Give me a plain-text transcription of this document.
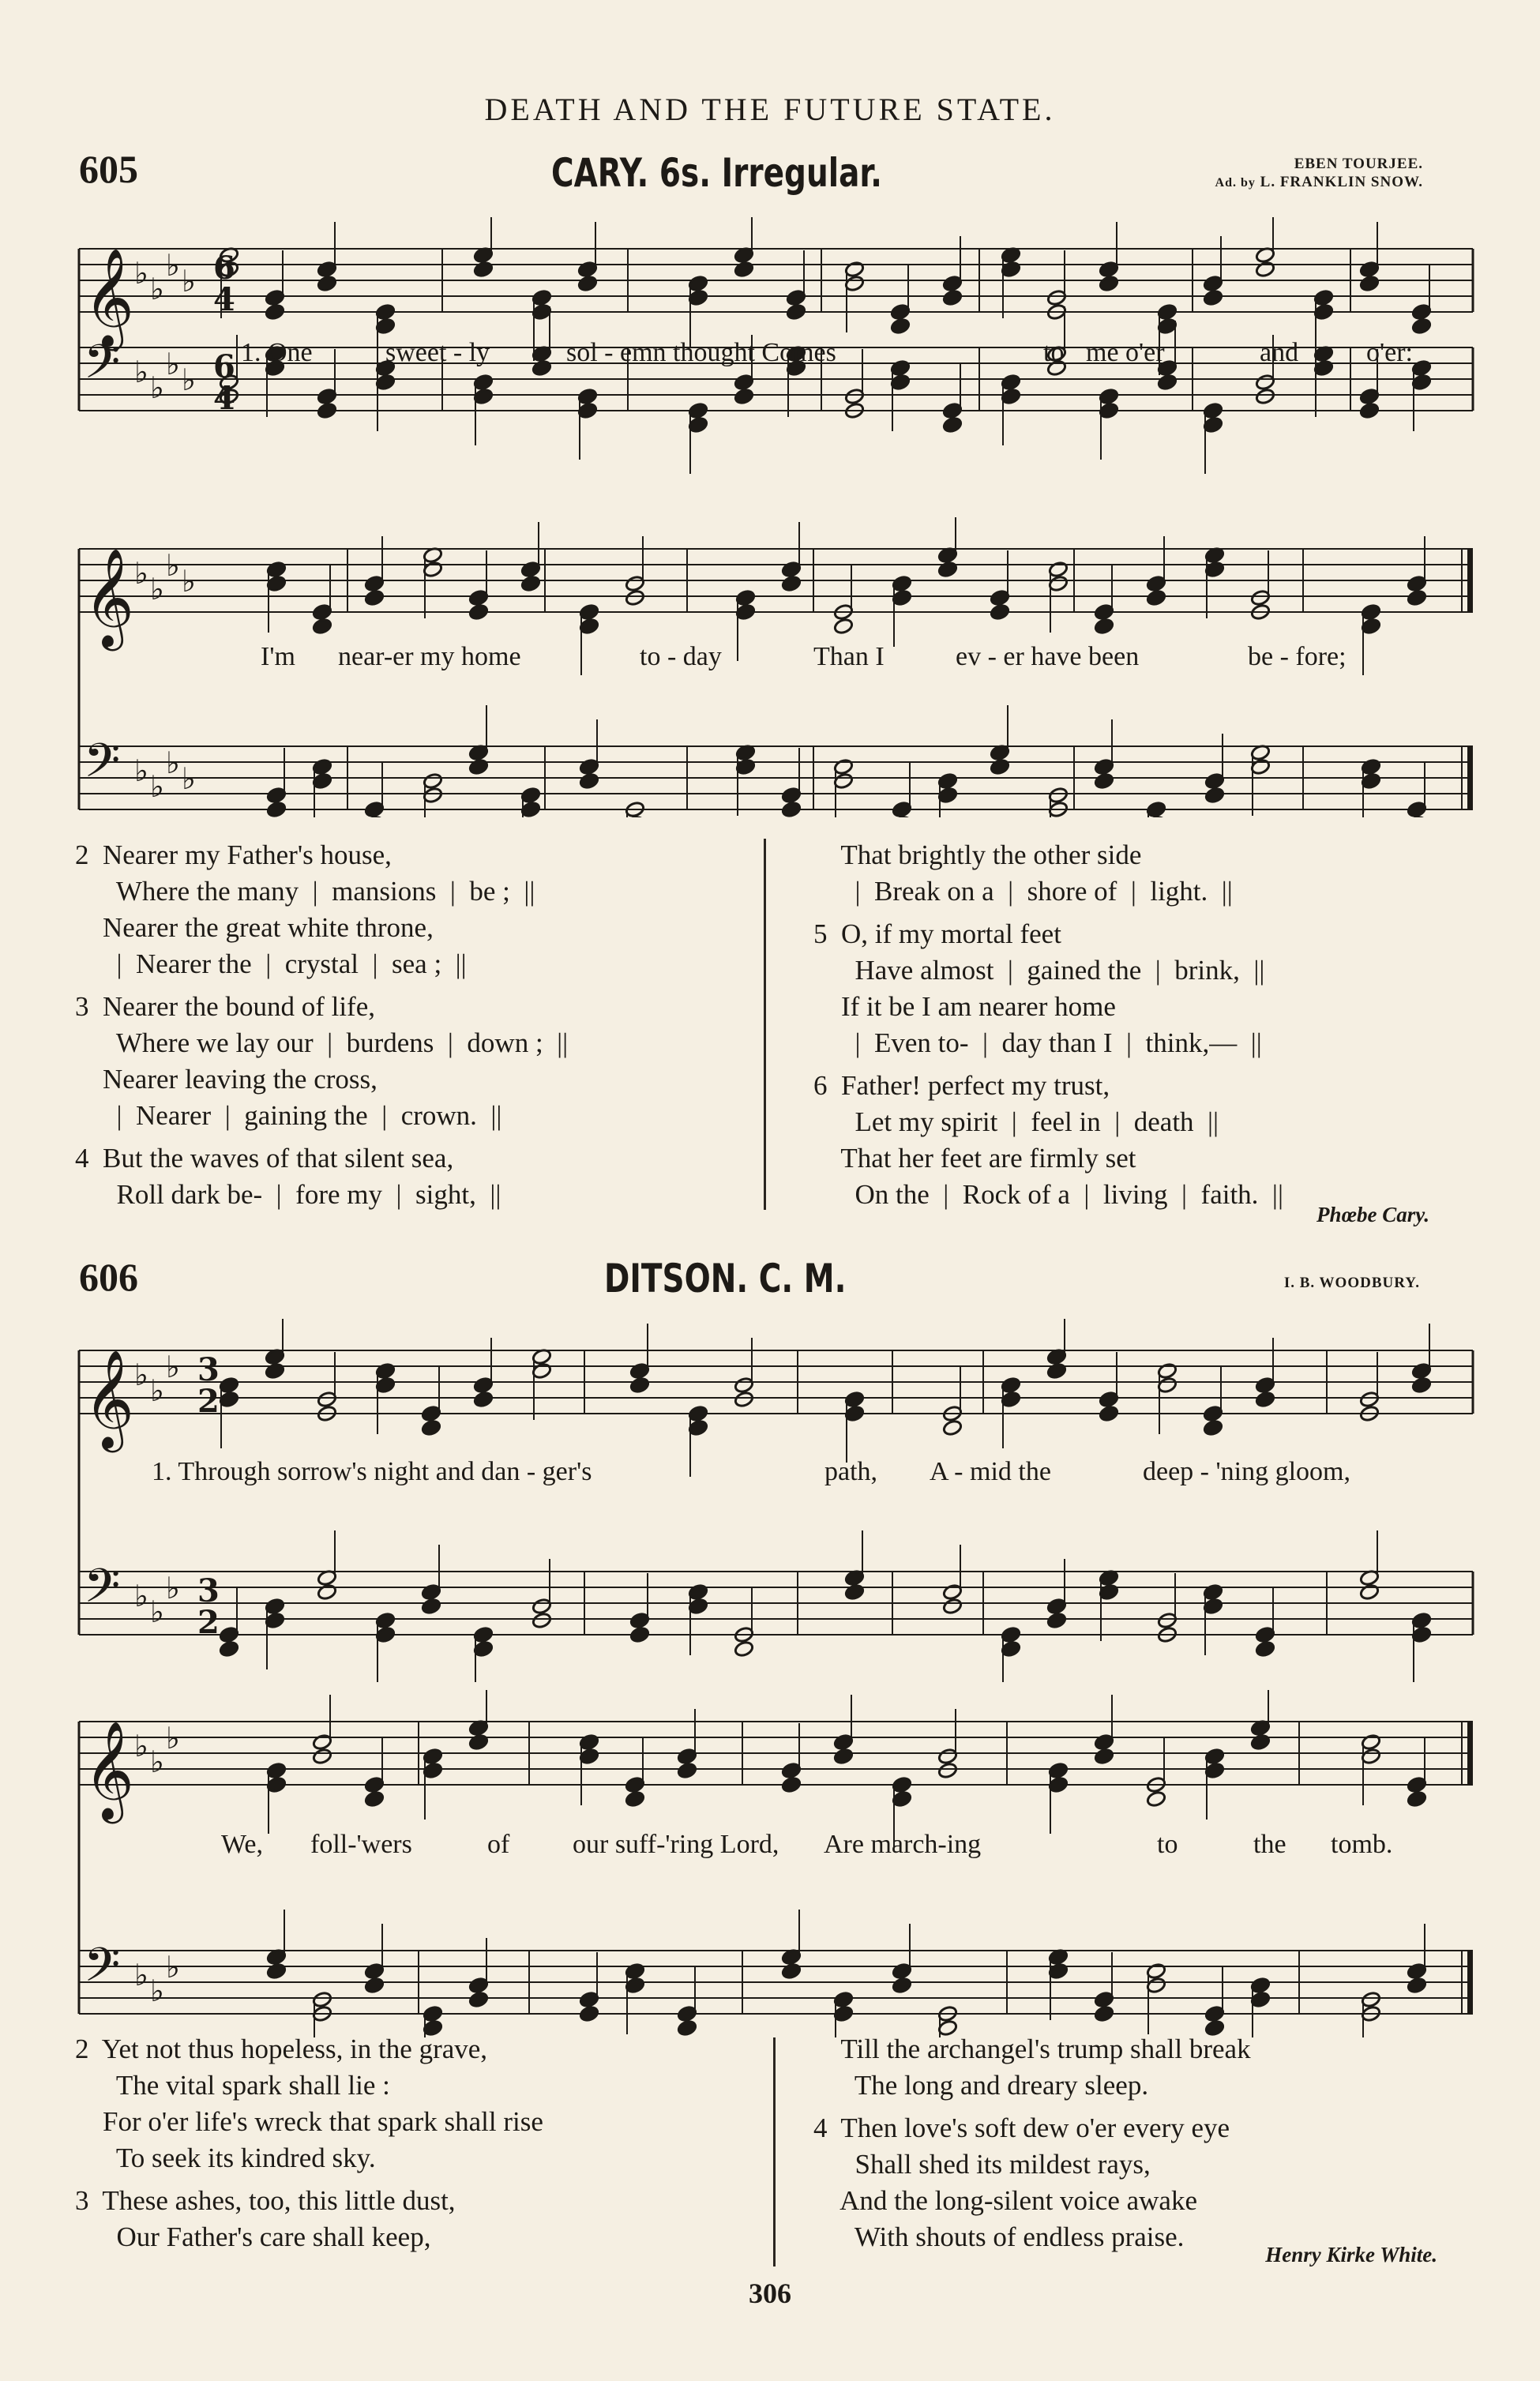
DEATH AND THE FUTURE STATE.
605	CARY. 6s. Irregular.	EBEN TOURJEE.
Ad. by L. FRANKLIN SNOW.
𝄞 ♭ ♭
♭ ♭ 6
4
𝄢 ♭ ♭
♭ ♭ 6
4
1. One	sweet - ly	sol - emn thought Comes	to me o'er	and	o'er:
𝄞 ♭ ♭
♭ ♭
𝄢 ♭ ♭
♭ ♭
I'm near-er my home	to - day	Than I	ev - er have been	be - fore;
2  Nearer my Father's house,
Where the many  |  mansions  |  be ;  ||
Nearer the great white throne,
|  Nearer the  |  crystal  |  sea ;  ||
3  Nearer the bound of life,
Where we lay our  |  burdens  |  down ;  ||
Nearer leaving the cross,
|  Nearer  |  gaining the  |  crown.  ||
4  But the waves of that silent sea,
Roll dark be-  |  fore my  |  sight,  ||
That brightly the other side
|  Break on a  |  shore of  |  light.  ||
5  O, if my mortal feet
Have almost  |  gained the  |  brink,  ||
If it be I am nearer home
|  Even to-  |  day than I  |  think,—  ||
6  Father! perfect my trust,
Let my spirit  |  feel in  |  death  ||
That her feet are firmly set
On the  |  Rock of a  |  living  |  faith.  ||
Phœbe Cary.
606	DITSON. C. M.	I. B. WOODBURY.
𝄞 ♭ ♭
♭ 3
2
𝄢 ♭ ♭
♭ 3
2
1. Through sorrow's night and dan - ger's	path, A - mid the	deep - 'ning gloom,
𝄞 ♭ ♭
♭
𝄢 ♭ ♭
♭
We, foll-'wers	of our suff-'ring Lord, Are march-ing	to	the tomb.
2  Yet not thus hopeless, in the grave,
The vital spark shall lie :
For o'er life's wreck that spark shall rise
To seek its kindred sky.
3  These ashes, too, this little dust,
Our Father's care shall keep,
Till the archangel's trump shall break
The long and dreary sleep.
4  Then love's soft dew o'er every eye
Shall shed its mildest rays,
And the long-silent voice awake
With shouts of endless praise.
Henry Kirke White.
306
